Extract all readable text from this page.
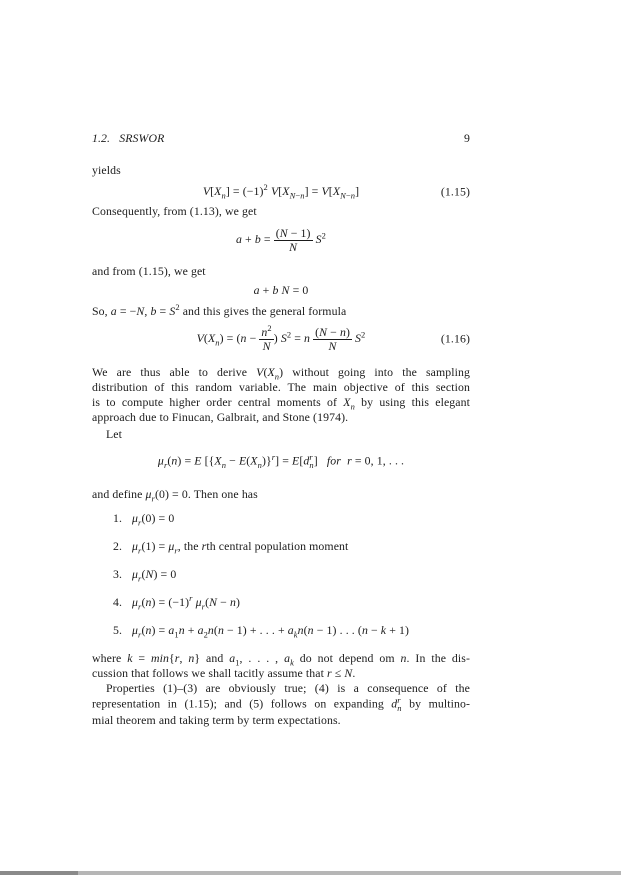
1.2.   SRSWOR	9
yields
$V[X_n] = (-1)^2$ $V[X_{N-n}] = V[X_{N-n}]$	(1.15)
Consequently, from (1.13), we get
$a + b = \frac{(N - 1)}{N} S^2$
and from (1.15), we get
a + b N = 0
So, a = −N, $b = S^2$ and this gives the general formula
$V(X_n) = (n - \frac{n^2}{N}$ ) $S^2 = n \frac{(N - n)}{N} S^2$	(1.16)
We are thus able to derive $V(X_n)$ without going into the sampling
distribution of this random variable. The main objective of this section
is to compute higher order central moments of $X_n$ by using this elegant
approach due to Finucan, Galbrait, and Stone (1974).
Let
$\mu_r(n) = E$ $[\{X_n - E(X_n)\}^r] = E[d$ r
n ]   for r = 0, 1, . . .
and define $\mu_r(0) = 0$. Then one has
1. $\mu_r(0) = 0$
2. $\mu_r(1) = \mu_r$, the rth central population moment
3. $\mu_r(N) = 0$
4. $\mu_r(n) = (-1)^r$ $\mu_r(N - n)$
5. $\mu_r(n) = a_1n + a_2n(n - 1)$ + . . . + $a_kn(n - 1)$ . . . (n − k + 1)
where k = min{r, n} and $a_1$, . . . , $a_k$ do not depend om n. In the dis-
cussion that follows we shall tacitly assume that r ≤ N.
Properties (1)–(3) are obviously true; (4) is a consequence of the
representation in (1.15); and (5) follows on expanding d r
n by multino-
mial theorem and taking term by term expectations.
